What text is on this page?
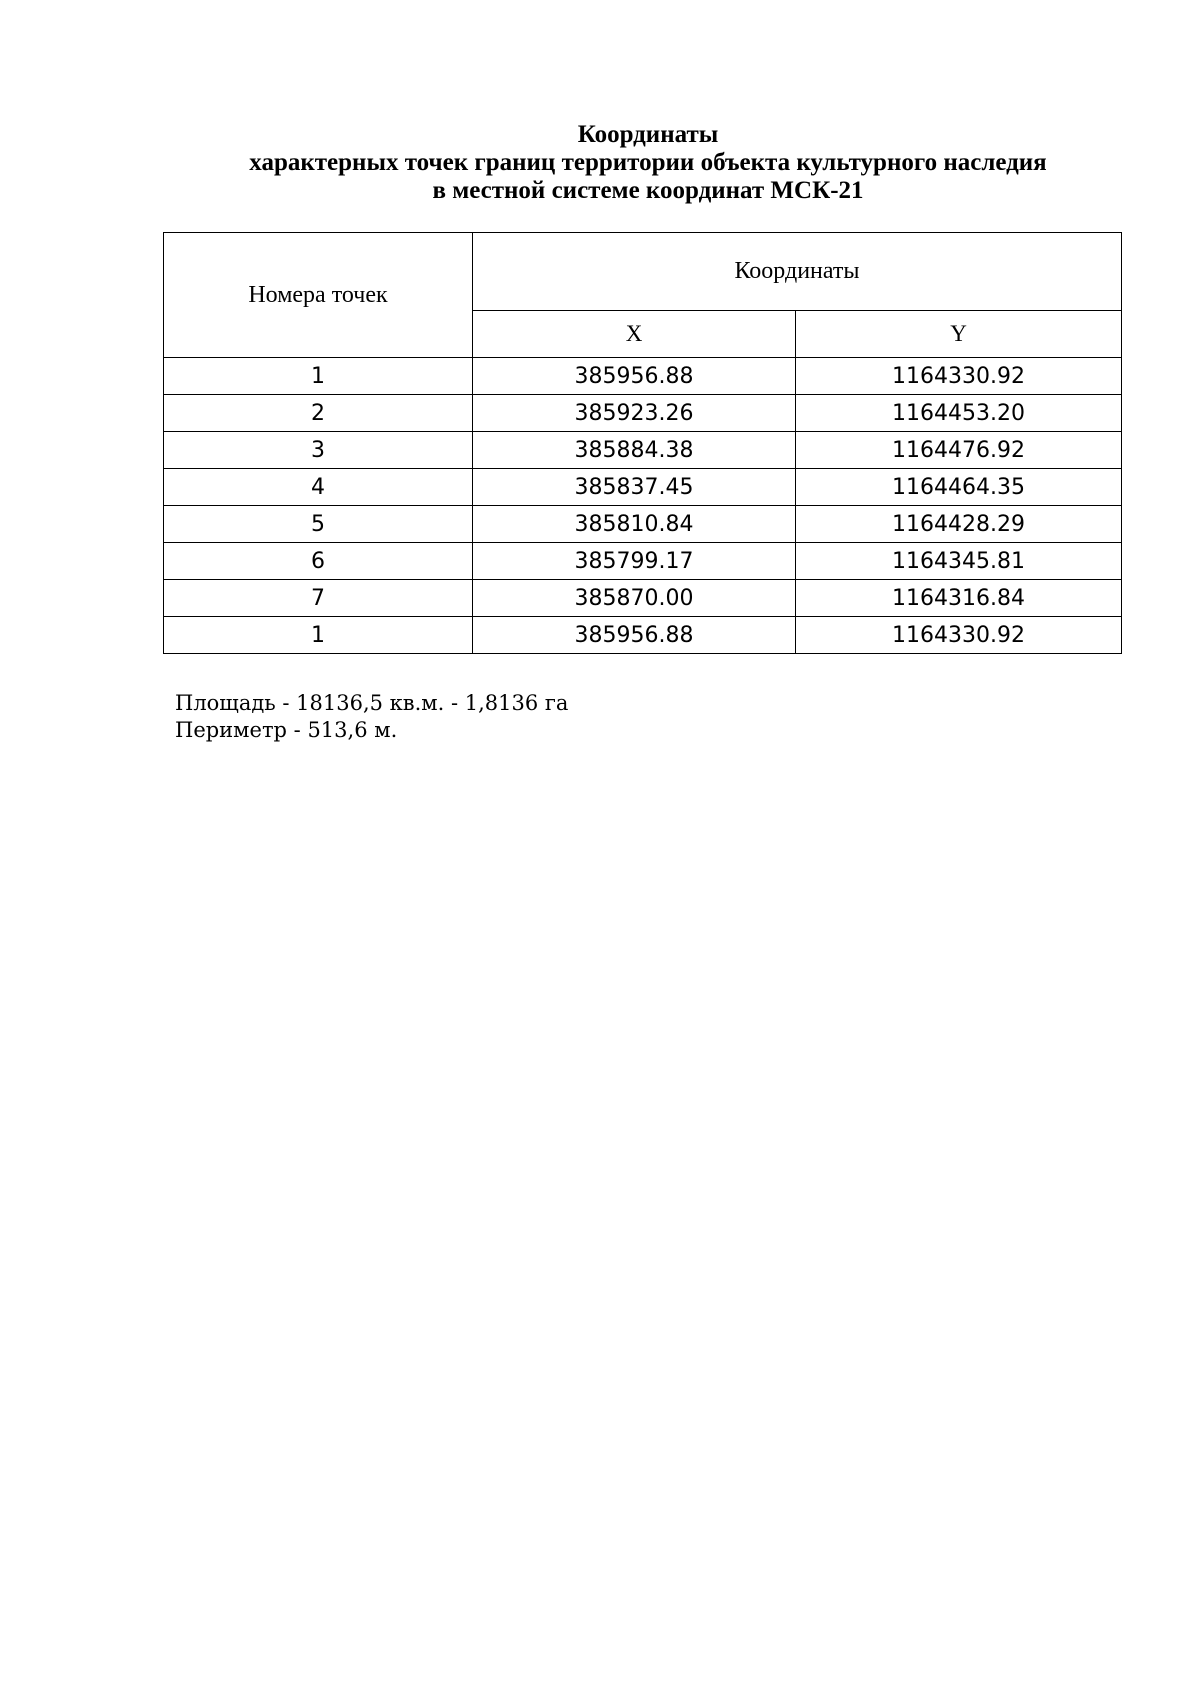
Координаты
характерных точек границ территории объекта культурного наследия
в местной системе координат МСК-21
Номера точек	Координаты	
	X	Y
1	385956.88	1164330.92
2	385923.26	1164453.20
3	385884.38	1164476.92
4	385837.45	1164464.35
5	385810.84	1164428.29
6	385799.17	1164345.81
7	385870.00	1164316.84
1	385956.88	1164330.92
Площадь - 18136,5 кв.м. - 1,8136 га
Периметр - 513,6 м.
